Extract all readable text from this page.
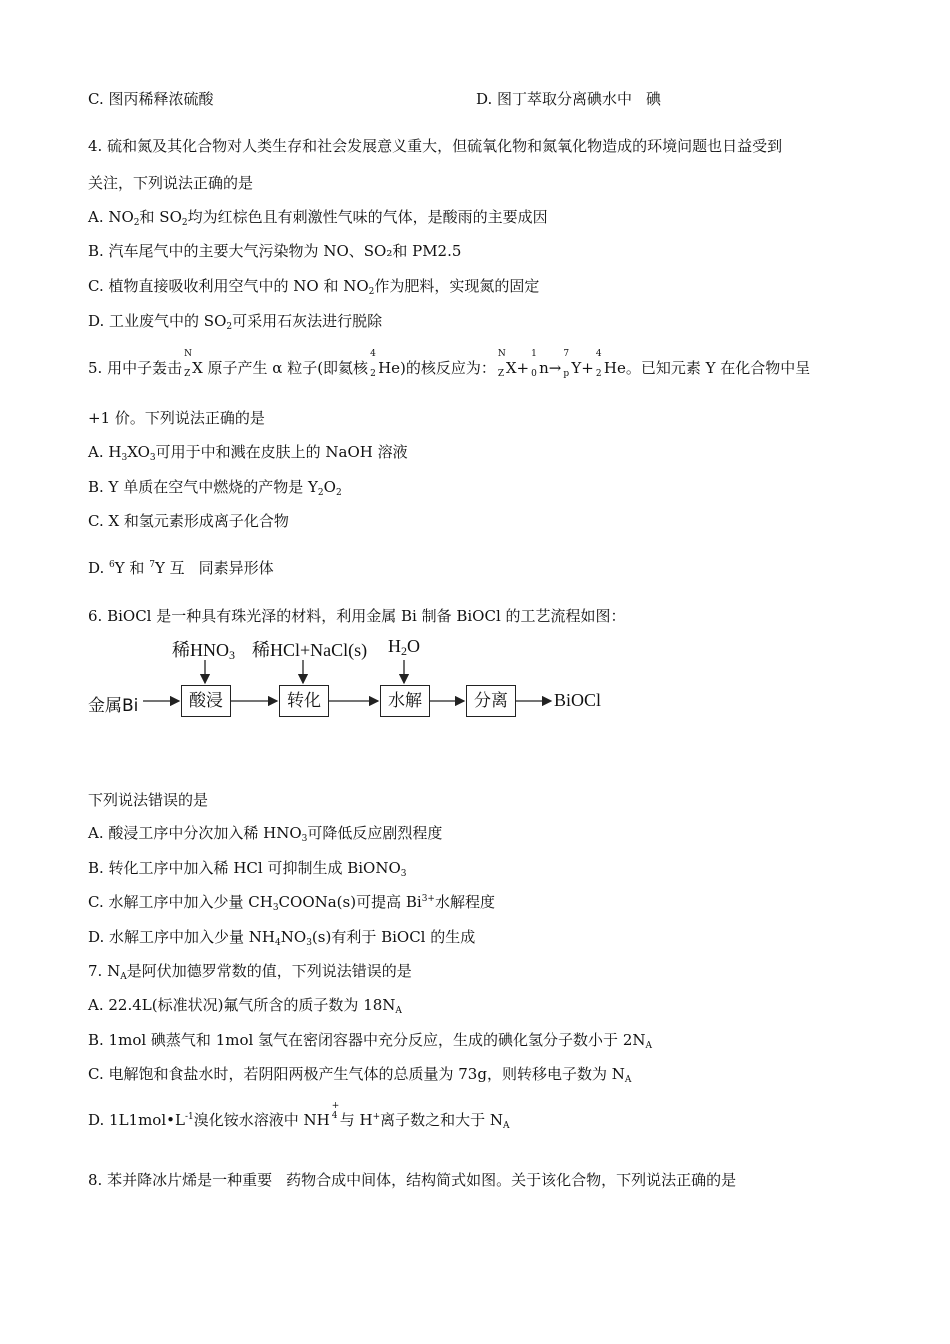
C. 图丙稀释浓硫酸	D. 图丁萃取分离碘水中 碘
4. 硫和氮及其化合物对人类生存和社会发展意义重大，但硫氧化物和氮氧化物造成的环境问题也日益受到
关注，下列说法正确的是
A. $NO_2$和 $SO_2$均为红棕色且有刺激性气味的气体，是酸雨的主要成因
B. 汽车尾气中的主要大气污染物为 NO、SO₂和 PM2.5
C. 植物直接吸收利用空气中的 NO 和 $NO_2$作为肥料，实现氮的固定
D. 工业废气中的 $SO_2$可采用石灰法进行脱除
5. 用中子轰击
N
Z X 原子产生 α 粒子(即氦核
4
2 He)的核反应为：
N
Z X+
1
0 n→
7
p Y+
4
2 He。已知元素 Y 在化合物中呈
+1 价。下列说法正确的是
A. $H_3XO_3$可用于中和溅在皮肤上的 NaOH 溶液
B. Y 单质在空气中燃烧的产物是 $Y_2O_2$
C. X 和氢元素形成离子化合物
D. $^6$Y 和 $^7$Y 互 同素异形体
6. BiOCl 是一种具有珠光泽的材料，利用金属 Bi 制备 BiOCl 的工艺流程如图：
稀$HNO_3$ 稀HCl+NaCl(s) $H_2O$
金属Bi	酸浸	转化	水解	分离	BiOCl
下列说法错误的是
A. 酸浸工序中分次加入稀 $HNO_3$可降低反应剧烈程度
B. 转化工序中加入稀 HCl 可抑制生成 BiONO$_3$
C. 水解工序中加入少量 $CH_3COONa(s)$可提高 $Bi^{3+}$水解程度
D. 水解工序中加入少量 $NH_4NO_3(s)$有利于 BiOCl 的生成
7. $N_A$是阿伏加德罗常数的值，下列说法错误的是
A. 22.4L(标准状况)氟气所含的质子数为 $18N_A$
B. 1mol 碘蒸气和 1mol 氢气在密闭容器中充分反应，生成的碘化氢分子数小于 $2N_A$
C. 电解饱和食盐水时，若阴阳两极产生气体的总质量为 73g，则转移电子数为 $N_A$
D. $1L1mol•L^{-1}$溴化铵水溶液中 NH
+
4 与 H+离子数之和大于 $N_A$
8. 苯并降冰片烯是一种重要 药物合成中间体，结构简式如图。关于该化合物，下列说法正确的是
